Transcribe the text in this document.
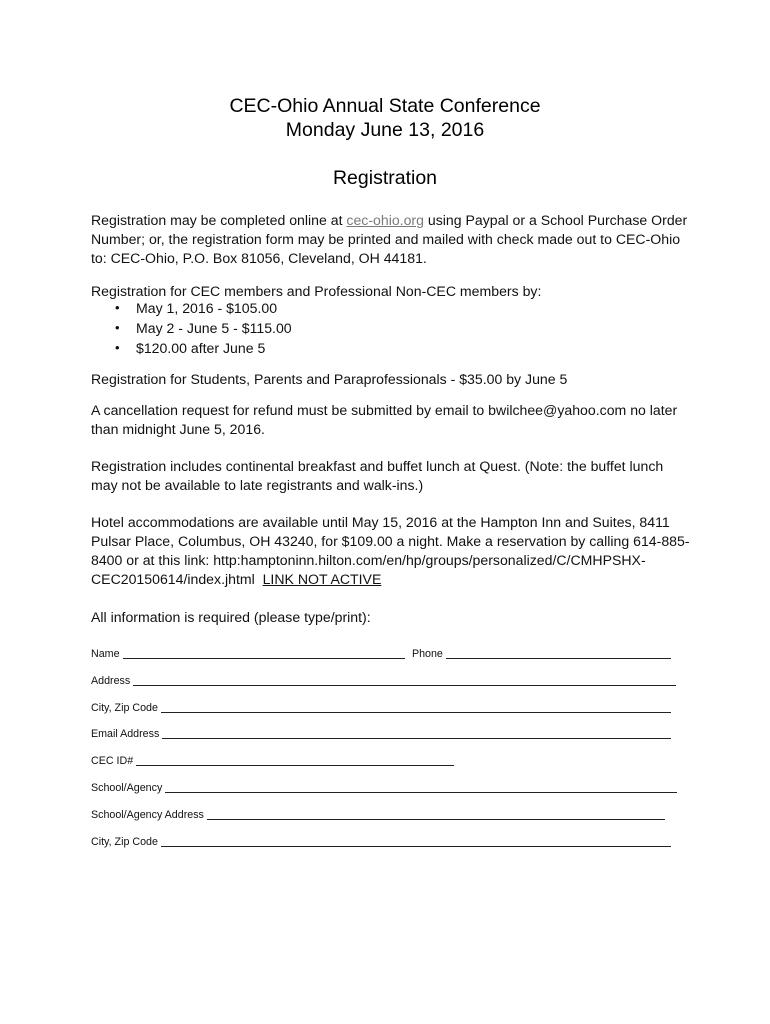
CEC-Ohio Annual State Conference
Monday June 13, 2016
Registration
Registration may be completed online at cec-ohio.org using Paypal or a School Purchase Order
Number; or, the registration form may be printed and mailed with check made out to CEC-Ohio
to: CEC-Ohio, P.O. Box 81056, Cleveland, OH 44181.
Registration for CEC members and Professional Non-CEC members by:
• May 1, 2016 - $105.00
• May 2 - June 5 - $115.00
• $120.00 after June 5
Registration for Students, Parents and Paraprofessionals - $35.00 by June 5
A cancellation request for refund must be submitted by email to bwilchee@yahoo.com no later
than midnight June 5, 2016.
Registration includes continental breakfast and buffet lunch at Quest. (Note: the buffet lunch
may not be available to late registrants and walk-ins.)
Hotel accommodations are available until May 15, 2016 at the Hampton Inn and Suites, 8411
Pulsar Place, Columbus, OH 43240, for $109.00 a night. Make a reservation by calling 614-885-
8400 or at this link: http:hamptoninn.hilton.com/en/hp/groups/personalized/C/CMHPSHX-
CEC20150614/index.jhtml  LINK NOT ACTIVE
All information is required (please type/print):
Name	Phone
Address
City, Zip Code
Email Address
CEC ID#
School/Agency
School/Agency Address
City, Zip Code
